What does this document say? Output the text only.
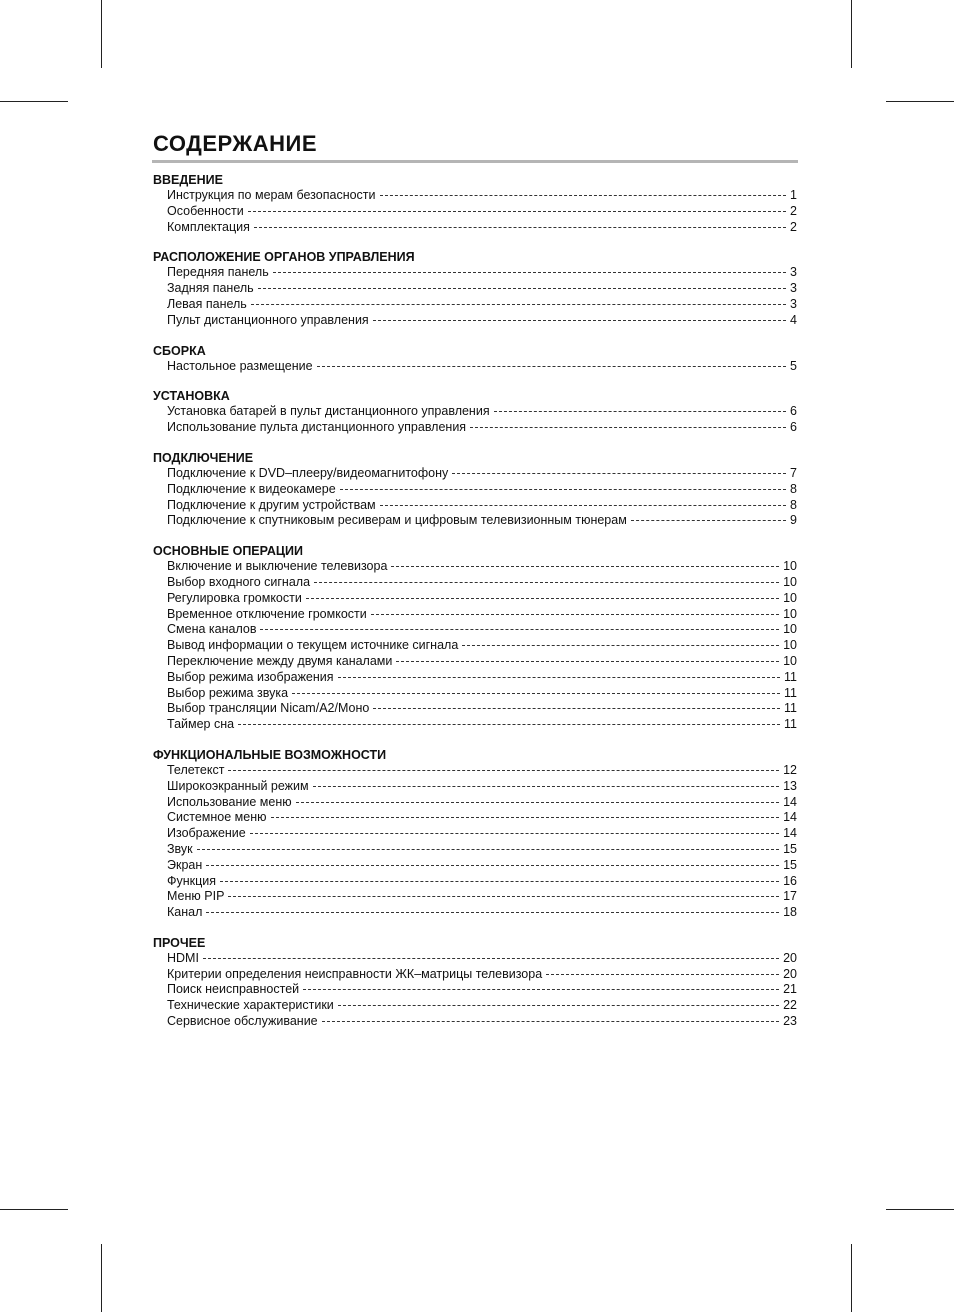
СОДЕРЖАНИЕ
ВВЕДЕНИЕ
Инструкция по мерам безопасности	1
Особенности	2
Комплектация	2
РАСПОЛОЖЕНИЕ ОРГАНОВ УПРАВЛЕНИЯ
Передняя панель	3
Задняя панель	3
Левая панель	3
Пульт дистанционного управления	4
СБОРКА
Настольное размещение	5
УСТАНОВКА
Установка батарей в пульт дистанционного управления	6
Использование пульта дистанционного управления	6
ПОДКЛЮЧЕНИЕ
Подключение к DVD–плееру/видеомагнитофону	7
Подключение к видеокамере	8
Подключение к другим устройствам	8
Подключение к спутниковым ресиверам и цифровым телевизионным тюнерам	9
ОСНОВНЫЕ ОПЕРАЦИИ
Включение и выключение телевизора	10
Выбор входного сигнала	10
Регулировка громкости	10
Временное отключение громкости	10
Смена каналов	10
Вывод информации о текущем источнике сигнала	10
Переключение между двумя каналами	10
Выбор режима изображения	11
Выбор режима звука	11
Выбор трансляции Nicam/A2/Моно	11
Таймер сна	11
ФУНКЦИОНАЛЬНЫЕ ВОЗМОЖНОСТИ
Телетекст	12
Широкоэкранный режим	13
Использование меню	14
Системное меню	14
Изображение	14
Звук	15
Экран	15
Функция	16
Меню PIP	17
Канал	18
ПРОЧЕЕ
HDMI	20
Критерии определения неисправности ЖК–матрицы телевизора	20
Поиск неисправностей	21
Технические характеристики	22
Сервисное обслуживание	23
